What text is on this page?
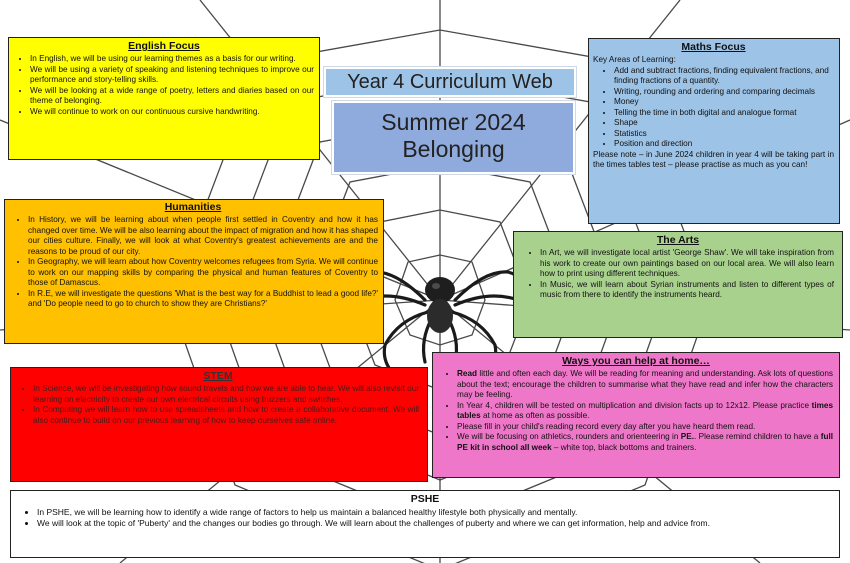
Year 4 Curriculum Web
Summer 2024
Belonging
English Focus
• In English, we will be using our learning themes as a basis for our writing.
• We will be using a variety of speaking and listening techniques to improve our performance and story-telling skills.
• We will be looking at a wide range of poetry, letters and diaries based on our theme of belonging.
• We will continue to work on our continuous cursive handwriting.
Humanities
• In History, we will be learning about when people first settled in Coventry and how it has changed over time. We will be also learning about the impact of migration and how it has shaped our cities culture. Finally, we will look at what Coventry's greatest achievements are and the reasons to be proud of our city.
• In Geography, we will learn about how Coventry welcomes refugees from Syria. We will continue to work on our mapping skills by comparing the physical and human features of Coventry to those of Damascus.
• In R.E, we will investigate the questions 'What is the best way for a Buddhist to lead a good life?' and 'Do people need to go to church to show they are Christians?'
STEM
• In Science, we will be investigating how sound travels and how we are able to hear. We will also revisit our learning on electricity to create our own electrical circuits using buzzers and switches.
• In Computing we will learn how to use spreadsheets and how to create a collaborative document. We will also continue to build on our previous learning of how to keep ourselves safe online.
Maths Focus

Key Areas of Learning:

• Add and subtract fractions, finding equivalent fractions, and finding fractions of a quantity.
• Writing, rounding and ordering and comparing decimals
• Money
• Telling the time in both digital and analogue format
• Shape
• Statistics
• Position and direction

Please note – in June 2024 children in year 4 will be taking part in the times tables test – please practise as much as you can!

The Arts
• In Art, we will investigate local artist 'George Shaw'. We will take inspiration from his work to create our own paintings based on our local area. We will also learn how to print using different techniques.
• In Music, we will learn about Syrian instruments and listen to different types of music from there to identify the instruments heard.
Ways you can help at home…
• Read little and often each day. We will be reading for meaning and understanding. Ask lots of questions about the text; encourage the children to summarise what they have read and infer how the characters may be feeling.
• In Year 4, children will be tested on multiplication and division facts up to 12x12. Please practice times tables at home as often as possible.
• Please fill in your child's reading record every day after you have heard them read.
• We will be focusing on athletics, rounders and orienteering in PE.. Please remind children to have a full PE kit in school all week – white top, black bottoms and trainers.
PSHE
• In PSHE, we will be learning how to identify a wide range of factors to help us maintain a balanced healthy lifestyle both physically and mentally.
• We will look at the topic of 'Puberty' and the changes our bodies go through. We will learn about the challenges of puberty and where we can get information, help and advice from.
